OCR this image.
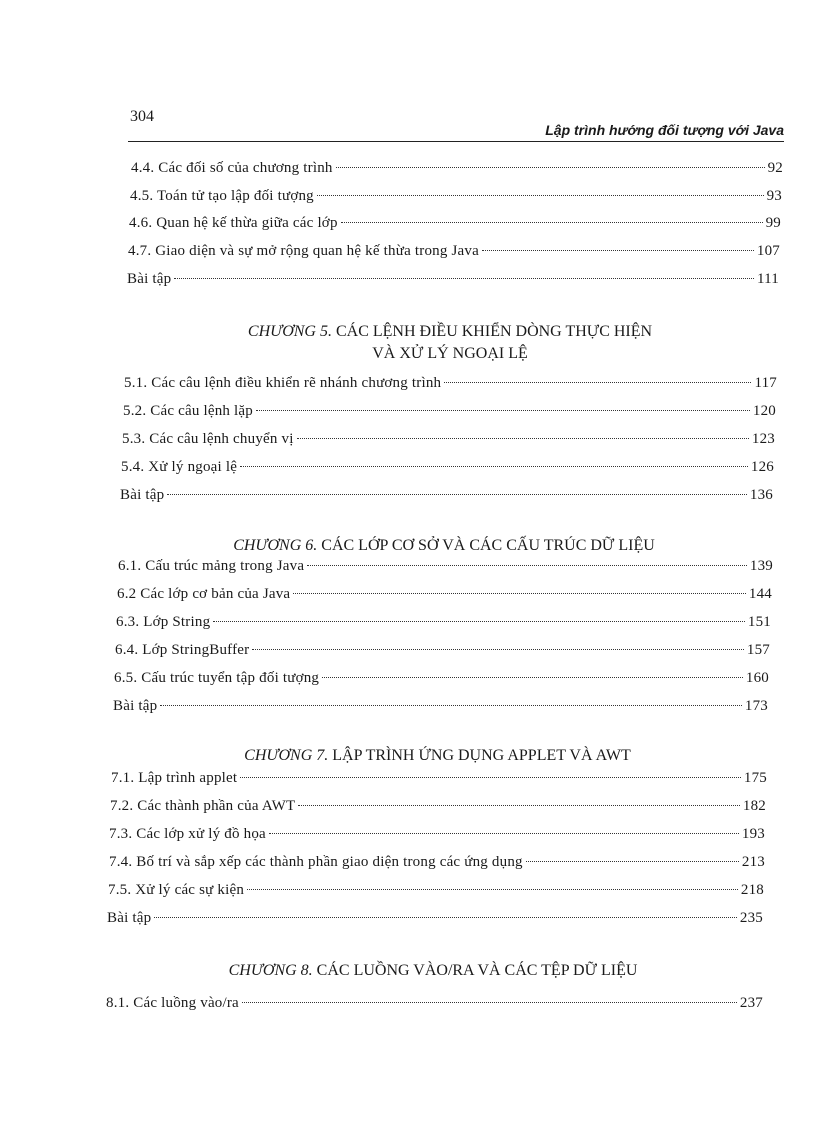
304
Lập trình hướng đối tượng với Java
4.4. Các đối số của chương trình	92
4.5. Toán tử tạo lập đối tượng	93
4.6. Quan hệ kế thừa giữa các lớp	99
4.7. Giao diện và sự mở rộng quan hệ kế thừa trong Java	107
Bài tập	111
CHƯƠNG 5. CÁC LỆNH ĐIỀU KHIỂN DÒNG THỰC HIỆN
VÀ XỬ LÝ NGOẠI LỆ
5.1. Các câu lệnh điều khiển rẽ nhánh chương trình	117
5.2. Các câu lệnh lặp	120
5.3. Các câu lệnh chuyển vị	123
5.4. Xử lý ngoại lệ	126
Bài tập	136
CHƯƠNG 6. CÁC LỚP CƠ SỞ VÀ CÁC CẤU TRÚC DỮ LIỆU
6.1. Cấu trúc mảng trong Java	139
6.2 Các lớp cơ bản của Java	144
6.3. Lớp String	151
6.4. Lớp StringBuffer	157
6.5. Cấu trúc tuyển tập đối tượng	160
Bài tập	173
CHƯƠNG 7. LẬP TRÌNH ỨNG DỤNG APPLET VÀ AWT
7.1. Lập trình applet	175
7.2. Các thành phần của AWT	182
7.3. Các lớp xử lý đồ họa	193
7.4. Bố trí và sắp xếp các thành phần giao diện trong các ứng dụng	213
7.5. Xử lý các sự kiện	218
Bài tập	235
CHƯƠNG 8. CÁC LUỒNG VÀO/RA VÀ CÁC TỆP DỮ LIỆU
8.1. Các luồng vào/ra	237
